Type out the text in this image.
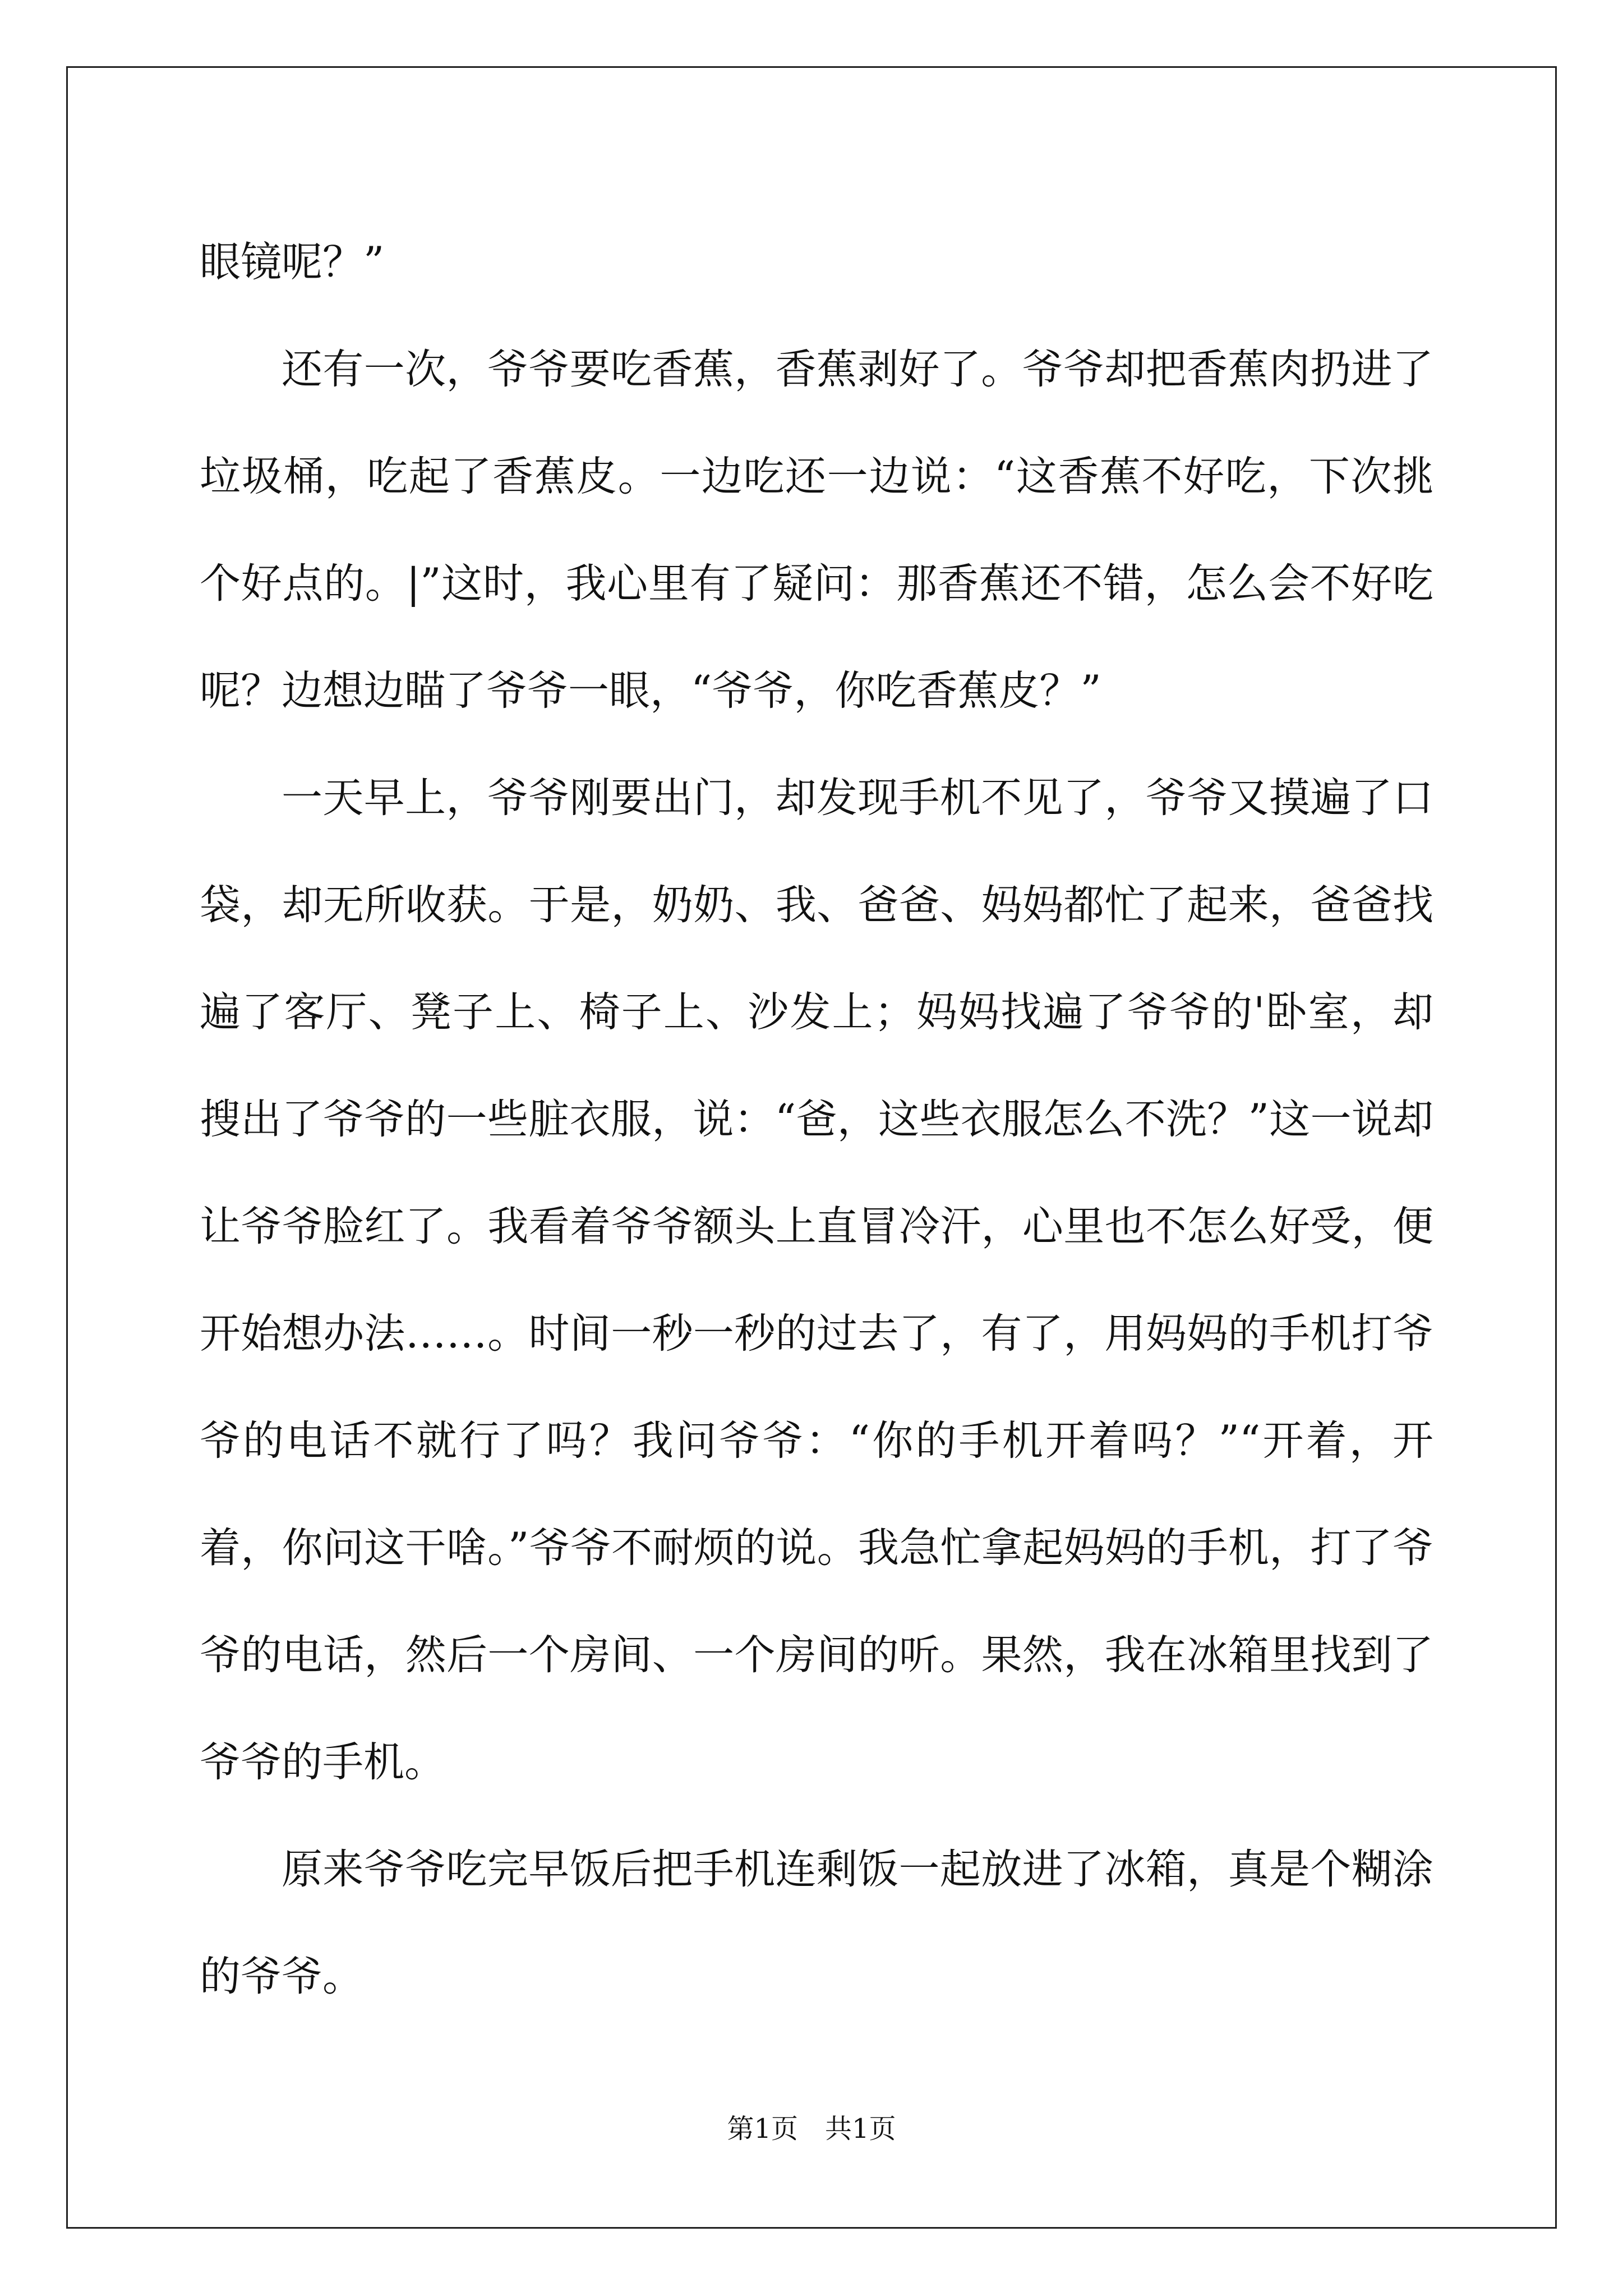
眼镜呢？”

还有一次，爷爷要吃香蕉，香蕉剥好了。爷爷却把香蕉肉扔进了垃圾桶，吃起了香蕉皮。一边吃还一边说：“这香蕉不好吃，下次挑个好点的。|”这时，我心里有了疑问：那香蕉还不错，怎么会不好吃呢？边想边瞄了爷爷一眼，“爷爷，你吃香蕉皮？”

一天早上，爷爷刚要出门，却发现手机不见了，爷爷又摸遍了口袋，却无所收获。于是，奶奶、我、爸爸、妈妈都忙了起来，爸爸找遍了客厅、凳子上、椅子上、沙发上；妈妈找遍了爷爷的'卧室，却搜出了爷爷的一些脏衣服，说：“爸，这些衣服怎么不洗？”这一说却让爷爷脸红了。我看着爷爷额头上直冒冷汗，心里也不怎么好受，便开始想办法……。时间一秒一秒的过去了，有了，用妈妈的手机打爷爷的电话不就行了吗？我问爷爷：“你的手机开着吗？”“开着，开着，你问这干啥。”爷爷不耐烦的说。我急忙拿起妈妈的手机，打了爷爷的电话，然后一个房间、一个房间的听。果然，我在冰箱里找到了爷爷的手机。

原来爷爷吃完早饭后把手机连剩饭一起放进了冰箱，真是个糊涂的爷爷。

第1页 共1页
